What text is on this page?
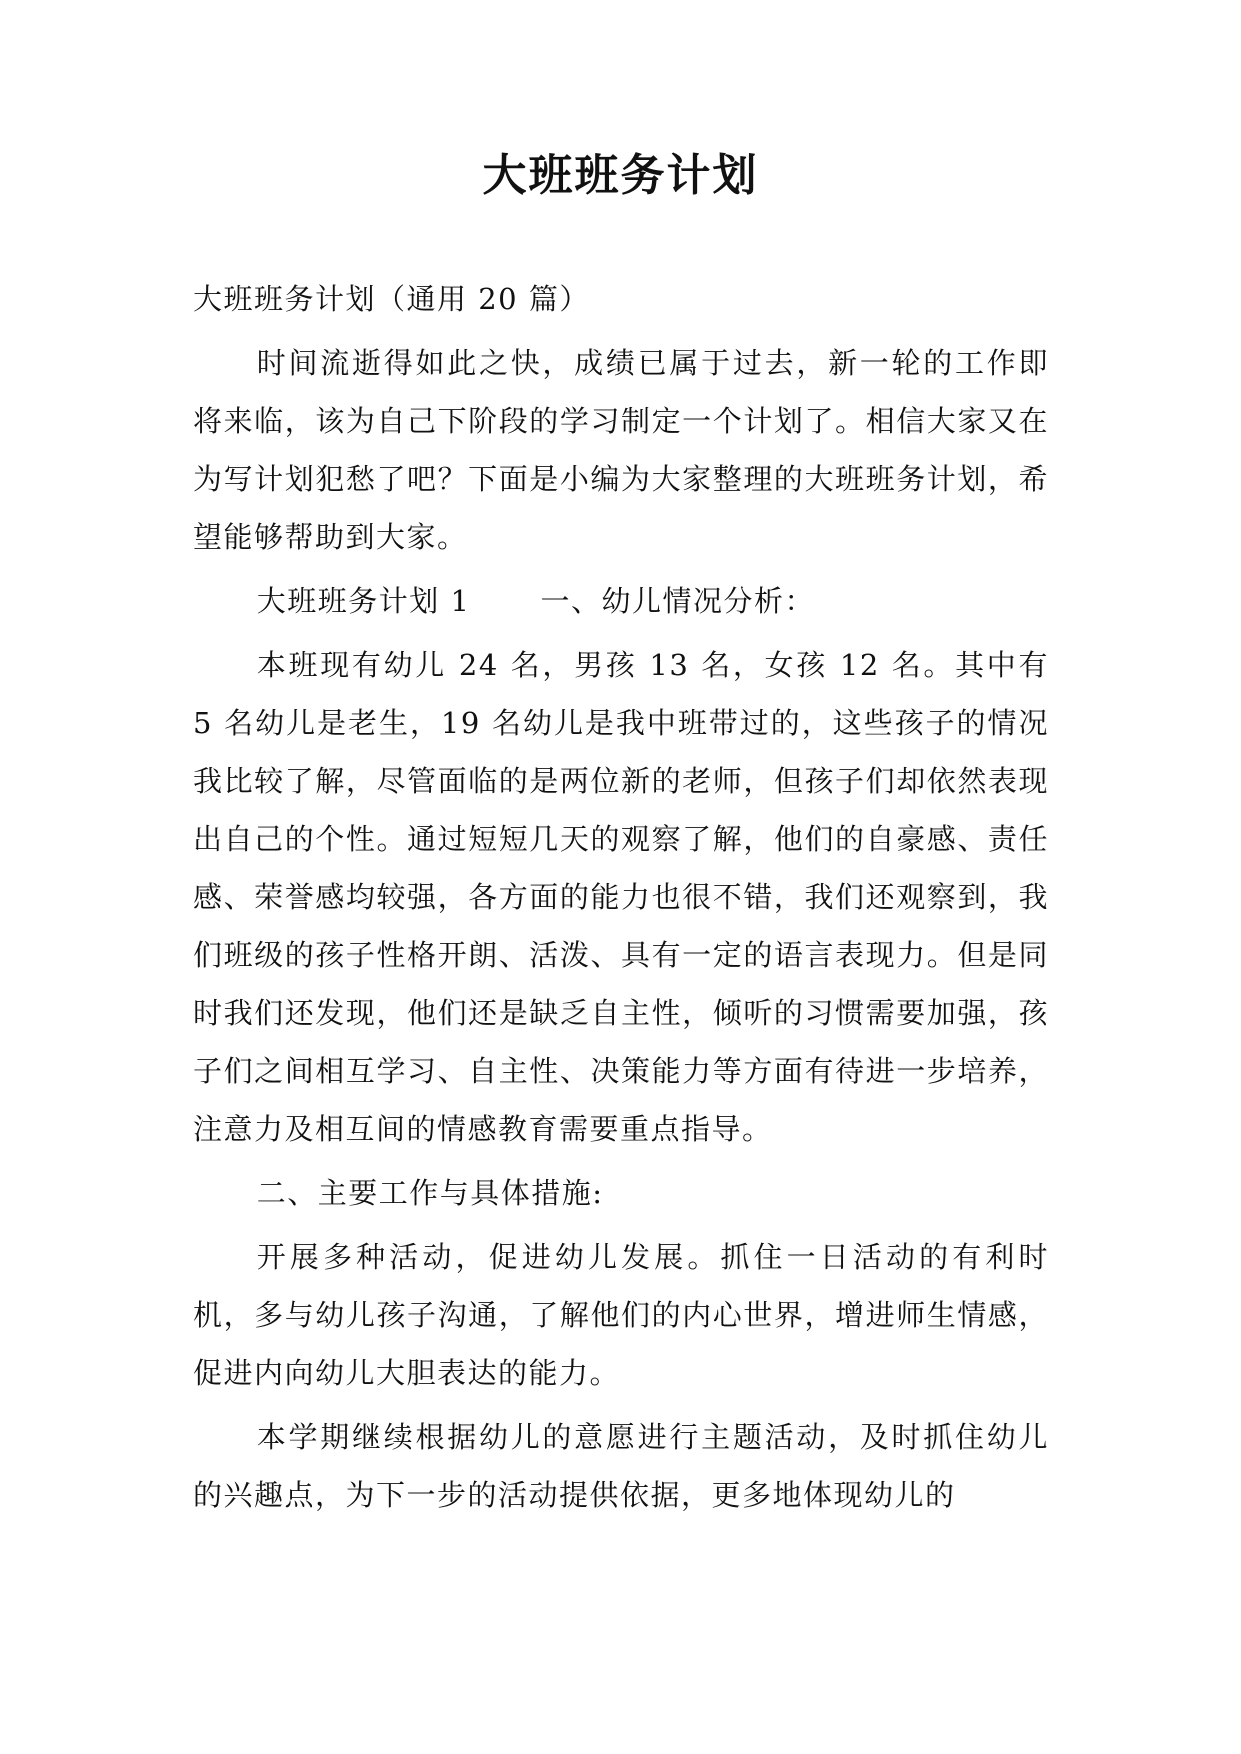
大班班务计划

大班班务计划（通用 20 篇）

时间流逝得如此之快，成绩已属于过去，新一轮的工作即将来临，该为自己下阶段的学习制定一个计划了。相信大家又在为写计划犯愁了吧？下面是小编为大家整理的大班班务计划，希望能够帮助到大家。

大班班务计划 1 一、幼儿情况分析：

本班现有幼儿 24 名，男孩 13 名，女孩 12 名。其中有 5 名幼儿是老生，19 名幼儿是我中班带过的，这些孩子的情况我比较了解，尽管面临的是两位新的老师，但孩子们却依然表现出自己的个性。通过短短几天的观察了解，他们的自豪感、责任感、荣誉感均较强，各方面的能力也很不错，我们还观察到，我们班级的孩子性格开朗、活泼、具有一定的语言表现力。但是同时我们还发现，他们还是缺乏自主性，倾听的习惯需要加强，孩子们之间相互学习、自主性、决策能力等方面有待进一步培养，注意力及相互间的情感教育需要重点指导。

二、主要工作与具体措施:

开展多种活动，促进幼儿发展。抓住一日活动的有利时机，多与幼儿孩子沟通，了解他们的内心世界，增进师生情感，促进内向幼儿大胆表达的能力。

本学期继续根据幼儿的意愿进行主题活动，及时抓住幼儿的兴趣点，为下一步的活动提供依据，更多地体现幼儿的
